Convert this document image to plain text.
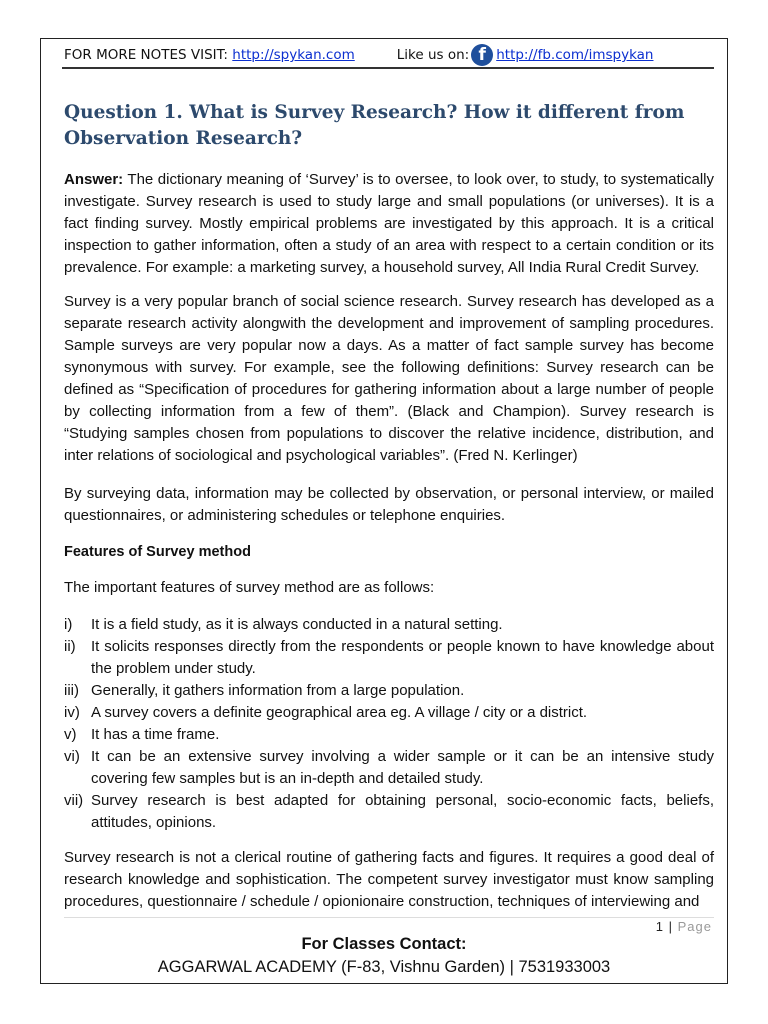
FOR MORE NOTES VISIT:
http://spykan.com	Like us on: f http://fb.com/imspykan
Question 1. What is Survey Research? How it different from Observation Research?

Answer: The dictionary meaning of ‘Survey’ is to oversee, to look over, to study, to systematically investigate. Survey research is used to study large and small populations (or universes). It is a fact finding survey. Mostly empirical problems are investigated by this approach. It is a critical inspection to gather information, often a study of an area with respect to a certain condition or its prevalence. For example: a marketing survey, a household survey, All India Rural Credit Survey.

Survey is a very popular branch of social science research. Survey research has developed as a separate research activity alongwith the development and improvement of sampling procedures. Sample surveys are very popular now a days. As a matter of fact sample survey has become synonymous with survey. For example, see the following definitions: Survey research can be defined as “Specification of procedures for gathering information about a large number of people by collecting information from a few of them”. (Black and Champion). Survey research is “Studying samples chosen from populations to discover the relative incidence, distribution, and inter relations of sociological and psychological variables”. (Fred N. Kerlinger)
By surveying data, information may be collected by observation, or personal interview, or mailed questionnaires, or administering schedules or telephone enquiries.
Features of Survey method
The important features of survey method are as follows:
i)	It is a field study, as it is always conducted in a natural setting.
ii)	It solicits responses directly from the respondents or people known to have knowledge about the problem under study.
iii) Generally, it gathers information from a large population.
iv) A survey covers a definite geographical area eg. A village / city or a district.
v) It has a time frame.
vi) It can be an extensive survey involving a wider sample or it can be an intensive study covering few samples but is an in-depth and detailed study.
vii) Survey research is best adapted for obtaining personal, socio-economic facts, beliefs, attitudes, opinions.
Survey research is not a clerical routine of gathering facts and figures. It requires a good deal of research knowledge and sophistication. The competent survey investigator must know sampling procedures, questionnaire / schedule / opionionaire construction, techniques of interviewing and
1 | Page
For Classes Contact:
AGGARWAL ACADEMY (F-83, Vishnu Garden) | 7531933003
